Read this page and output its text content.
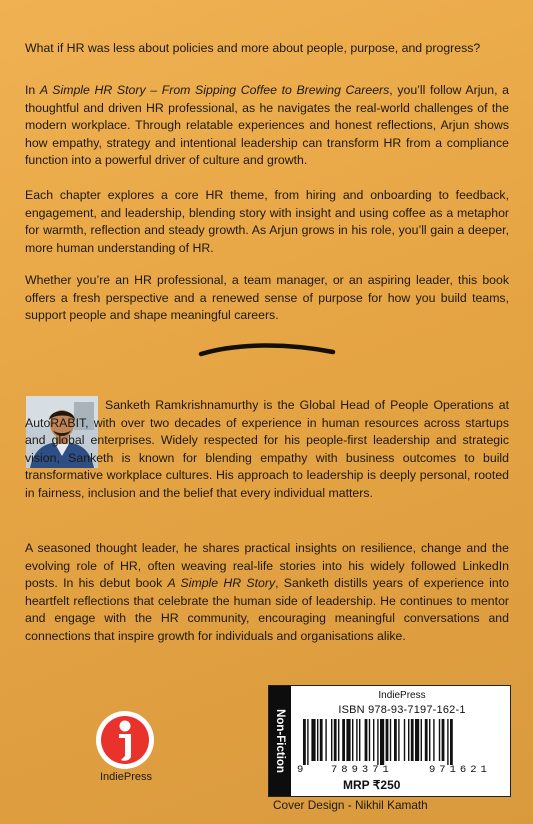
What if HR was less about policies and more about people, purpose, and progress?

In A Simple HR Story – From Sipping Coffee to Brewing Careers, you’ll follow Arjun, a thoughtful and driven HR professional, as he navigates the real-world challenges of the modern workplace. Through relatable experiences and honest reflections, Arjun shows how empathy, strategy and intentional leadership can transform HR from a compliance function into a powerful driver of culture and growth.

Each chapter explores a core HR theme, from hiring and onboarding to feedback, engagement, and leadership, blending story with insight and using coffee as a metaphor for warmth, reflection and steady growth. As Arjun grows in his role, you’ll gain a deeper, more human understanding of HR.

Whether you’re an HR professional, a team manager, or an aspiring leader, this book offers a fresh perspective and a renewed sense of purpose for how you build teams, support people and shape meaningful careers.

Sanketh Ramkrishnamurthy is the Global Head of People Operations at AutoRABIT, with over two decades of experience in human resources across startups and global enterprises. Widely respected for his people-first leadership and strategic vision, Sanketh is known for blending empathy with business outcomes to build transformative workplace cultures. His approach to leadership is deeply personal, rooted in fairness, inclusion and the belief that every individual matters.

A seasoned thought leader, he shares practical insights on resilience, change and the evolving role of HR, often weaving real-life stories into his widely followed LinkedIn posts. In his debut book A Simple HR Story, Sanketh distills years of experience into heartfelt reflections that celebrate the human side of leadership. He continues to mentor and engage with the HR community, encouraging meaningful conversations and connections that inspire growth for individuals and organisations alike.

IndiePress
Non-Fiction
IndiePress
ISBN 978-93-7197-162-1
9	789371	971621
MRP ₹250
Cover Design - Nikhil Kamath
